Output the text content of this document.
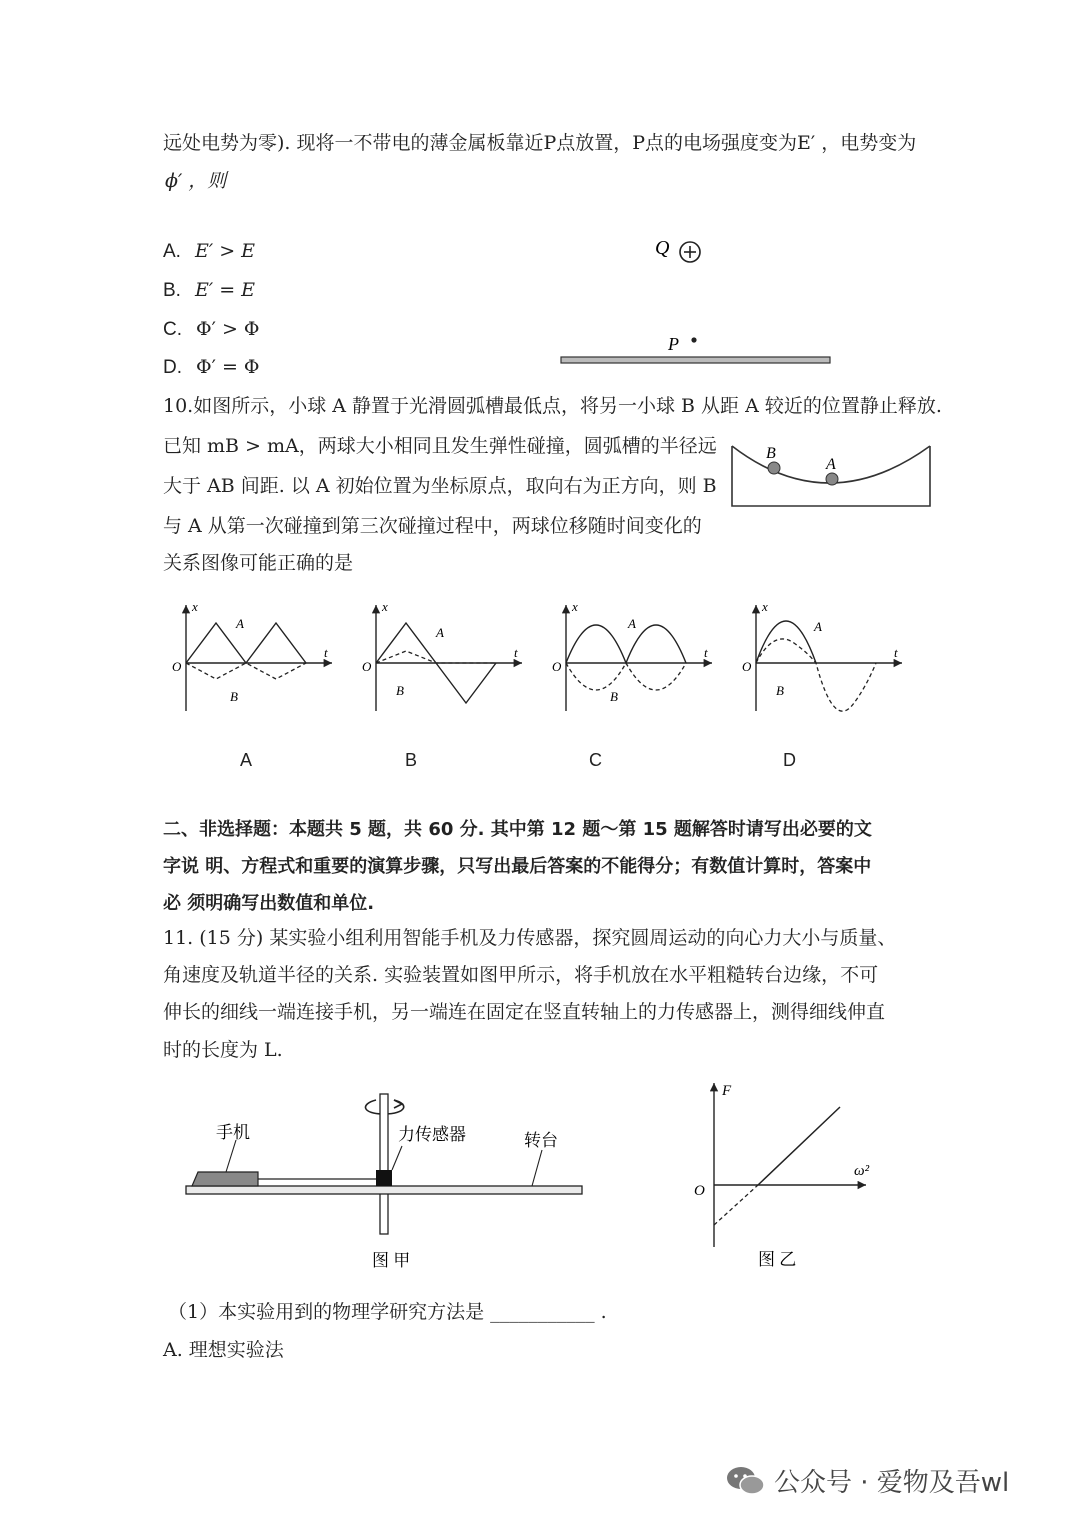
远处电势为零). 现将一不带电的薄金属板靠近P点放置，P点的电场强度变为E′ ，电势变为
ϕ′ ，则
A. E′ > E
B. E′ = E
C. Φ′ > Φ
D. Φ′ = Φ
Q
P
10.如图所示，小球 A 静置于光滑圆弧槽最低点，将另一小球 B 从距 A 较近的位置静止释放.
已知 mB > mA，两球大小相同且发生弹性碰撞，圆弧槽的半径远
大于 AB 间距. 以 A 初始位置为坐标原点，取向右为正方向，则 B
与 A 从第一次碰撞到第三次碰撞过程中，两球位移随时间变化的
关系图像可能正确的是
B
A
x
t
O
A
B
x
t
O
A
B
x
t
O
A
B
x
t
O
A
B
A	B	C	D
二、非选择题：本题共 5 题，共 60 分. 其中第 12 题～第 15 题解答时请写出必要的文
字说 明、方程式和重要的演算步骤，只写出最后答案的不能得分；有数值计算时，答案中
必 须明确写出数值和单位.
11. (15 分) 某实验小组利用智能手机及力传感器，探究圆周运动的向心力大小与质量、
角速度及轨道半径的关系. 实验装置如图甲所示，将手机放在水平粗糙转台边缘，不可
伸长的细线一端连接手机，另一端连在固定在竖直转轴上的力传感器上，测得细线伸直
时的长度为 L.
手机	力传感器	转台
图 甲
F
ω²
O
图 乙
（1）本实验用到的物理学研究方法是 ___________ .
A. 理想实验法
公众号 · 爱物及吾wl
